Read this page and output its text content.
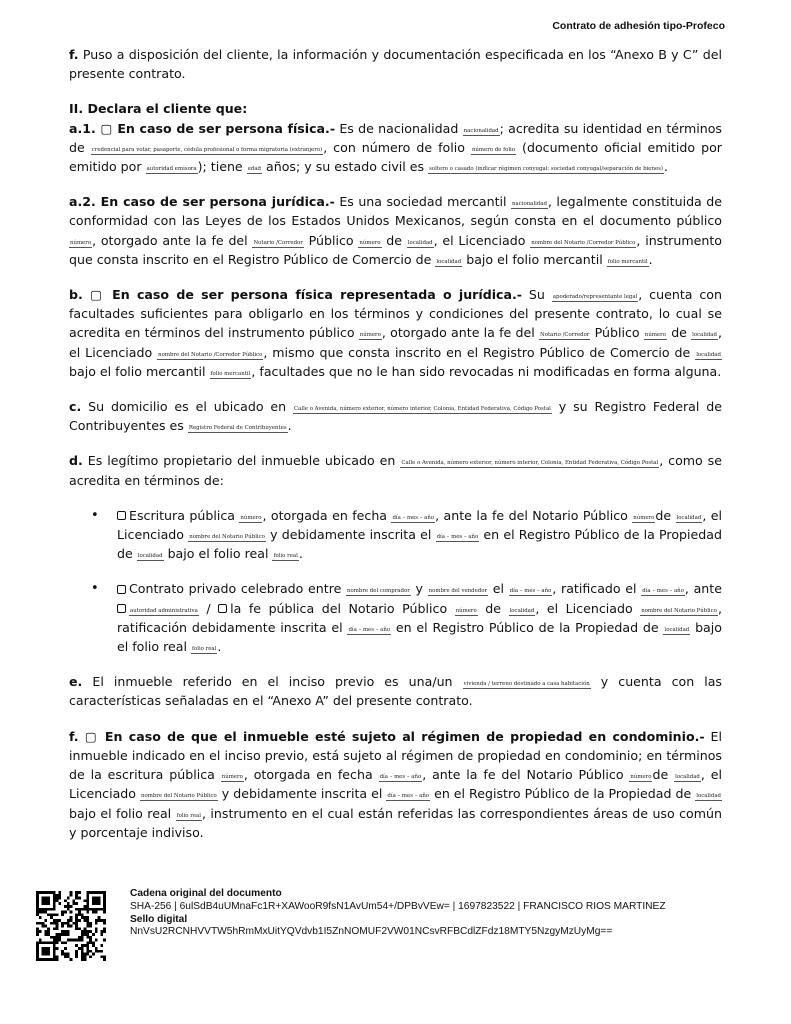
Contrato de adhesión tipo-Profeco

f. Puso a disposición del cliente, la información y documentación especificada en los “Anexo B y C” del presente contrato.

II. Declara el cliente que:

a.1. ▢ En caso de ser persona física.- Es de nacionalidad nacionalidad; acredita su identidad en términos de credencial para votar, pasaporte, cédula profesional o forma migratoria (extranjero), con número de folio número de folio (documento oficial emitido por emitido por autoridad emisora); tiene edad años; y su estado civil es soltero o casado (indicar régimen conyugal: sociedad conyugal/separación de bienes).

a.2. En caso de ser persona jurídica.- Es una sociedad mercantil nacionalidad, legalmente constituida de conformidad con las Leyes de los Estados Unidos Mexicanos, según consta en el documento público número, otorgado ante la fe del Notario /Corredor Público número de localidad, el Licenciado nombre del Notario /Corredor Público, instrumento que consta inscrito en el Registro Público de Comercio de localidad bajo el folio mercantil folio mercantil.

b. ▢ En caso de ser persona física representada o jurídica.- Su apoderado/representante legal, cuenta con facultades suficientes para obligarlo en los términos y condiciones del presente contrato, lo cual se acredita en términos del instrumento público número, otorgado ante la fe del Notario /Corredor Público número de localidad, el Licenciado nombre del Notario /Corredor Público, mismo que consta inscrito en el Registro Público de Comercio de localidad bajo el folio mercantil folio mercantil, facultades que no le han sido revocadas ni modificadas en forma alguna.

c. Su domicilio es el ubicado en Calle o Avenida, número exterior, número interior, Colonia, Entidad Federativa, Código Postal y su Registro Federal de Contribuyentes es Registro Federal de Contribuyentes.

d. Es legítimo propietario del inmueble ubicado en Calle o Avenida, número exterior, número interior, Colonia, Entidad Federativa, Código Postal, como se acredita en términos de:

• Escritura pública número, otorgada en fecha día – mes – año, ante la fe del Notario Público númerode localidad, el Licenciado nombre del Notario Público y debidamente inscrita el día – mes – año en el Registro Público de la Propiedad de localidad bajo el folio real folio real.
• Contrato privado celebrado entre nombre del comprador y nombre del vendedor el día – mes – año, ratificado el día – mes – año, ante autoridad administrativa / la fe pública del Notario Público número de localidad, el Licenciado nombre del Notario Público, ratificación debidamente inscrita el día – mes – año en el Registro Público de la Propiedad de localidad bajo el folio real folio real.

e. El inmueble referido en el inciso previo es una/un vivienda / terreno destinado a casa habitación y cuenta con las características señaladas en el “Anexo A” del presente contrato.

f. ▢ En caso de que el inmueble esté sujeto al régimen de propiedad en condominio.- El inmueble indicado en el inciso previo, está sujeto al régimen de propiedad en condominio; en términos de la escritura pública número, otorgada en fecha día – mes – año, ante la fe del Notario Público númerode localidad, el Licenciado nombre del Notario Público y debidamente inscrita el día – mes – año en el Registro Público de la Propiedad de localidad bajo el folio real folio real, instrumento en el cual están referidas las correspondientes áreas de uso común y porcentaje indiviso.

Cadena original del documento
SHA-256 | 6ulSdB4uUMnaFc1R+XAWooR9fsN1AvUm54+/DPBvVEw= | 1697823522 | FRANCISCO RIOS MARTINEZ
Sello digital
NnVsU2RCNHVVTW5hRmMxUitYQVdvb1I5ZnNOMUF2VW01NCsvRFBCdlZFdz18MTY5NzgyMzUyMg==
